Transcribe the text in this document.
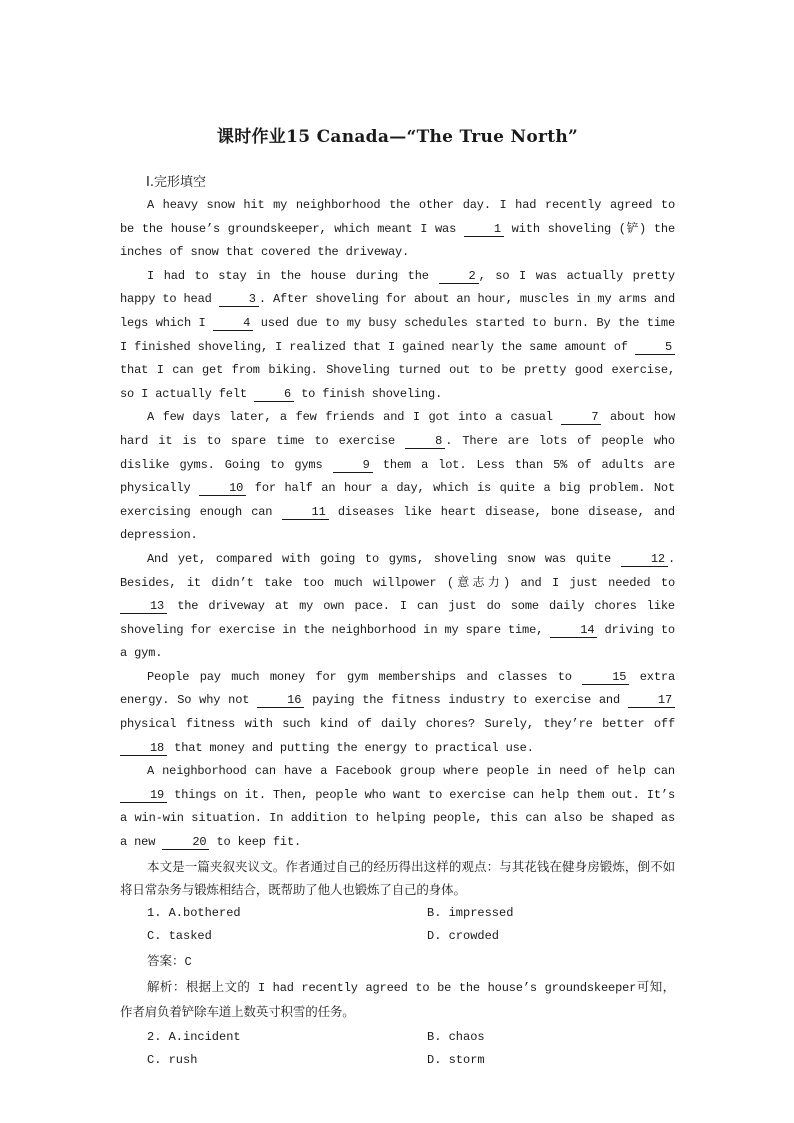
课时作业15 Canada—“The True North”
Ⅰ.完形填空

A heavy snow hit my neighborhood the other day. I had recently agreed to be the house’s groundskeeper, which meant I was	1 with shoveling (铲) the inches of snow that covered the driveway.

I had to stay in the house during the	2 , so I was actually pretty happy to head	3 . After shoveling for about an hour, muscles in my arms and legs which I	4 used due to my busy schedules started to burn. By the time I finished shoveling, I realized that I gained nearly the same amount of	5 that I can get from biking. Shoveling turned out to be pretty good exercise, so I actually felt	6 to finish shoveling.

A few days later, a few friends and I got into a casual	7 about how hard it is to spare time to exercise	8 . There are lots of people who dislike gyms. Going to gyms	9 them a lot. Less than 5% of adults are physically	10 for half an hour a day, which is quite a big problem. Not exercising enough can	11 diseases like heart disease, bone disease, and depression.

And yet, compared with going to gyms, shoveling snow was quite	12 . Besides, it didn’t take too much willpower (意志力) and I just needed to 13 the driveway at my own pace. I can just do some daily chores like shoveling for exercise in the neighborhood in my spare time,	14 driving to a gym.

People pay much money for gym memberships and classes to	15 extra energy. So why not	16 paying the fitness industry to exercise and	17 physical fitness with such kind of daily chores? Surely, they’re better off 18 that money and putting the energy to practical use.

A neighborhood can have a Facebook group where people in need of help can 19 things on it. Then, people who want to exercise can help them out. It’s a win-win situation. In addition to helping people, this can also be shaped as a new	20 to keep fit.

本文是一篇夹叙夹议文。作者通过自己的经历得出这样的观点：与其花钱在健身房锻炼，倒不如将日常杂务与锻炼相结合，既帮助了他人也锻炼了自己的身体。

1. A.bothered	B. impressed
C. tasked	D. crowded
答案：C

解析：根据上文的 I had recently agreed to be the house’s groundskeeper可知，作者肩负着铲除车道上数英寸积雪的任务。

2. A.incident	B. chaos
C. rush	D. storm
